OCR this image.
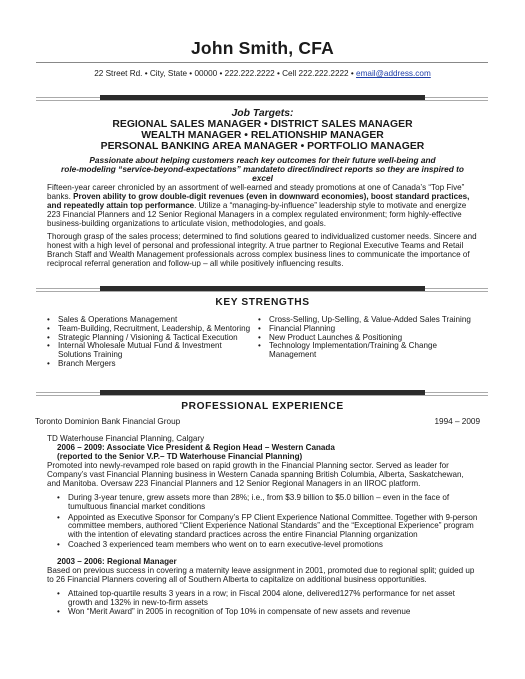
John Smith, CFA
22 Street Rd. • City, State • 00000 • 222.222.2222 • Cell 222.222.2222 • email@address.com
Job Targets:
REGIONAL SALES MANAGER • DISTRICT SALES MANAGER
WEALTH MANAGER • RELATIONSHIP MANAGER
PERSONAL BANKING AREA MANAGER • PORTFOLIO MANAGER
Passionate about helping customers reach key outcomes for their future well-being and
role-modeling “service-beyond-expectations” mandateto direct/indirect reports so they are inspired to excel
Fifteen-year career chronicled by an assortment of well-earned and steady promotions at one of Canada’s “Top Five” banks. Proven ability to grow double-digit revenues (even in downward economies), boost standard practices, and repeatedly attain top performance. Utilize a “managing-by-influence” leadership style to motivate and energize 223 Financial Planners and 12 Senior Regional Managers in a complex regulated environment; form highly-effective business-building organizations to articulate vision, methodologies, and goals.
Thorough grasp of the sales process; determined to find solutions geared to individualized customer needs. Sincere and honest with a high level of personal and professional integrity. A true partner to Regional Executive Teams and Retail Branch Staff and Wealth Management professionals across complex business lines to communicate the importance of reciprocal referral generation and follow-up – all while positively influencing results.
KEY STRENGTHS
• Sales & Operations Management
• Team-Building, Recruitment, Leadership, & Mentoring
• Strategic Planning / Visioning & Tactical Execution
• Internal Wholesale Mutual Fund & Investment Solutions Training
• Branch Mergers
• Cross-Selling, Up-Selling, & Value-Added Sales Training
• Financial Planning
• New Product Launches & Positioning
• Technology Implementation/Training & Change Management
PROFESSIONAL EXPERIENCE
Toronto Dominion Bank Financial Group	1994 – 2009
TD Waterhouse Financial Planning, Calgary
2006 – 2009: Associate Vice President & Region Head – Western Canada
(reported to the Senior V.P.– TD Waterhouse Financial Planning)
Promoted into newly-revamped role based on rapid growth in the Financial Planning sector. Served as leader for Company’s vast Financial Planning business in Western Canada spanning British Columbia, Alberta, Saskatchewan, and Manitoba. Oversaw 223 Financial Planners and 12 Senior Regional Managers in an IIROC platform.
• During 3-year tenure, grew assets more than 28%; i.e., from $3.9 billion to $5.0 billion – even in the face of tumultuous financial market conditions
• Appointed as Executive Sponsor for Company’s FP Client Experience National Committee. Together with 9-person committee members, authored “Client Experience National Standards” and the “Exceptional Experience” program with the intention of elevating standard practices across the entire Financial Planning organization
• Coached 3 experienced team members who went on to earn executive-level promotions
2003 – 2006: Regional Manager
Based on previous success in covering a maternity leave assignment in 2001, promoted due to regional split; guided up to 26 Financial Planners covering all of Southern Alberta to capitalize on additional business opportunities.
• Attained top-quartile results 3 years in a row; in Fiscal 2004 alone, delivered127% performance for net asset growth and 132% in new-to-firm assets
• Won “Merit Award” in 2005 in recognition of Top 10% in compensate of new assets and revenue
